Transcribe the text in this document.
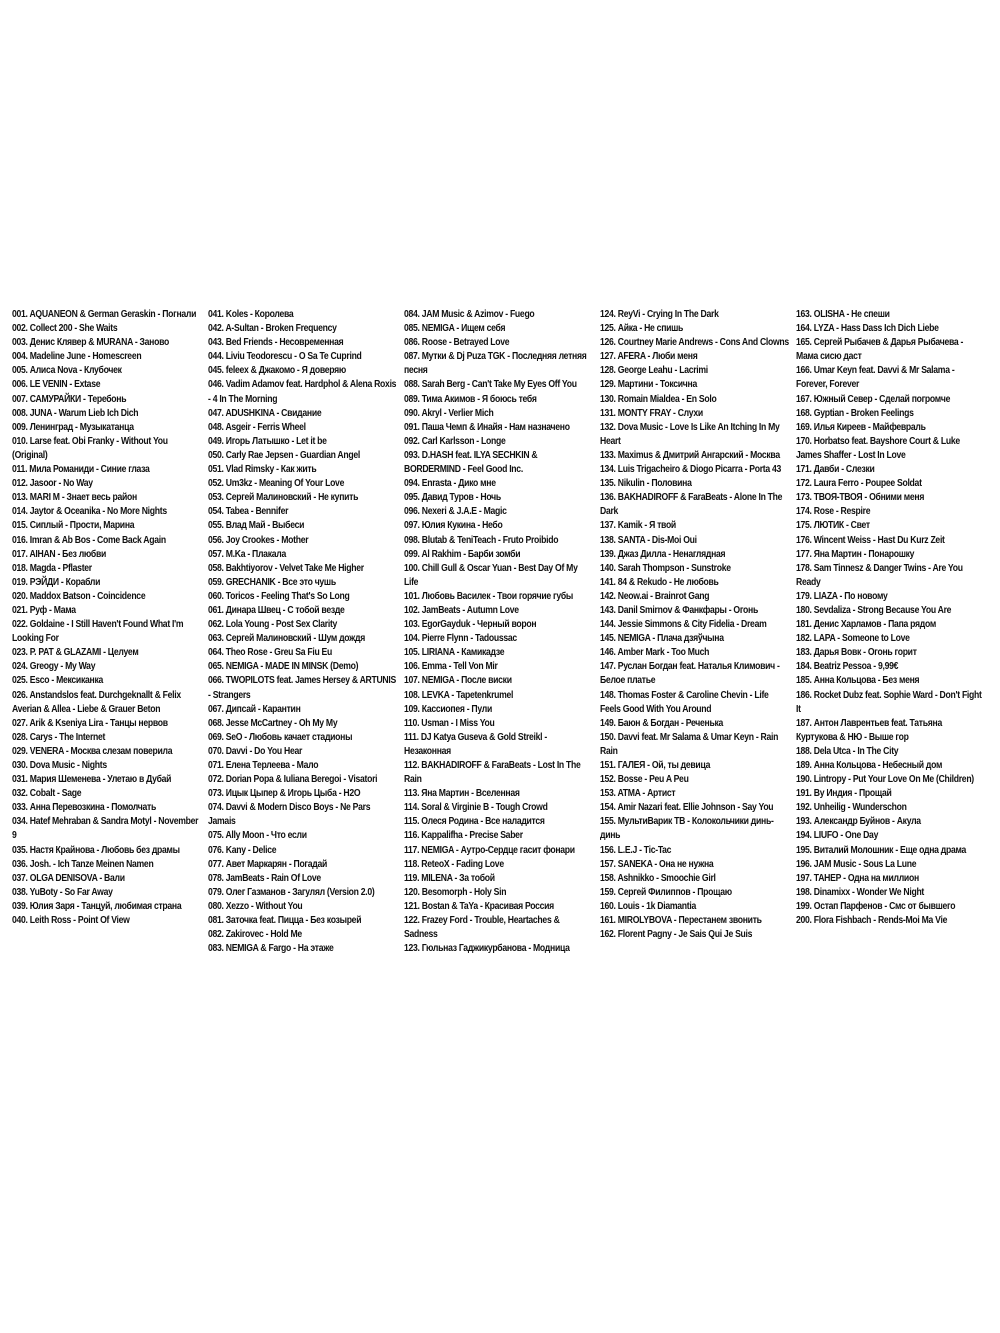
001. AQUANEON & German Geraskin - Погнали
002. Collect 200 - She Waits
003. Денис Клявер & MURANA - Заново
004. Madeline June - Homescreen
005. Алиса Nova - Клубочек
006. LE VENIN - Extase
007. САМУРАЙКИ - Теребонь
008. JUNA - Warum Lieb Ich Dich
009. Ленинград - Музыкатанца
010. Larse feat. Obi Franky - Without You (Original)
011. Мила Романиди - Синие глаза
012. Jasoor - No Way
013. MARI M - Знает весь район
014. Jaytor & Oceanika - No More Nights
015. Сиплый - Прости, Марина
016. Imran & Ab Bos - Come Back Again
017. AIHAN - Без любви
018. Magda - Pflaster
019. РЭЙДИ - Корабли
020. Maddox Batson - Coincidence
021. Руф - Мама
022. Goldaine - I Still Haven't Found What I'm Looking For
023. P. PAT & GLAZAMI - Целуем
024. Greogy - My Way
025. Esco - Мексиканка
026. Anstandslos feat. Durchgeknallt & Felix Averian & Allea - Liebe & Grauer Beton
027. Arik & Kseniya Lira - Танцы нервов
028. Carys - The Internet
029. VENERA - Москва слезам поверила
030. Dova Music - Nights
031. Мария Шеменева - Улетаю в Дубай
032. Cobalt - Sage
033. Анна Перевозкина - Помолчать
034. Hatef Mehraban & Sandra Motyl - November 9
035. Настя Крайнова - Любовь без драмы
036. Josh. - Ich Tanze Meinen Namen
037. OLGA DENISOVA - Вали
038. YuBoty - So Far Away
039. Юлия Заря - Танцуй, любимая страна
040. Leith Ross - Point Of View
041. Koles - Королева
042. A-Sultan - Broken Frequency
043. Bed Friends - Несовременная
044. Liviu Teodorescu - O Sa Te Cuprind
045. feleex & Джакомо - Я доверяю
046. Vadim Adamov feat. Hardphol & Alena Roxis - 4 In The Morning
047. ADUSHKINA - Свидание
048. Asgeir - Ferris Wheel
049. Игорь Латышко - Let it be
050. Carly Rae Jepsen - Guardian Angel
051. Vlad Rimsky - Как жить
052. Um3kz - Meaning Of Your Love
053. Сергей Малиновский - Не купить
054. Tabea - Bennifer
055. Влад Май - Выбеси
056. Joy Crookes - Mother
057. M.Ka - Плакала
058. Bakhtiyorov - Velvet Take Me Higher
059. GRECHANIK - Все это чушь
060. Toricos - Feeling That's So Long
061. Динара Швец - С тобой везде
062. Lola Young - Post Sex Clarity
063. Сергей Малиновский - Шум дождя
064. Theo Rose - Greu Sa Fiu Eu
065. NEMIGA - MADE IN MINSK (Demo)
066. TWOPILOTS feat. James Hersey & ARTUNIS - Strangers
067. Дипсай - Карантин
068. Jesse McCartney - Oh My My
069. SeO - Любовь качает стадионы
070. Davvi - Do You Hear
071. Елена Терлеева - Мало
072. Dorian Popa & Iuliana Beregoi - Visatori
073. Ицык Цыпер & Игорь Цыба - H2O
074. Davvi & Modern Disco Boys - Ne Pars Jamais
075. Ally Moon - Что если
076. Kany - Delice
077. Авет Маркарян - Погадай
078. JamBeats - Rain Of Love
079. Олег Газманов - Загулял (Version 2.0)
080. Xezzo - Without You
081. Заточка feat. Пицца - Без козырей
082. Zakirovec - Hold Me
083. NEMIGA & Fargo - На этаже
084. JAM Music & Azimov - Fuego
085. NEMIGA - Ищем себя
086. Roose - Betrayed Love
087. Мутки & Dj Puza TGK - Последняя летняя песня
088. Sarah Berg - Can't Take My Eyes Off You
089. Тима Акимов - Я боюсь тебя
090. Akryl - Verlier Mich
091. Паша Чемп & Инайя - Нам назначено
092. Carl Karlsson - Longe
093. D.HASH feat. ILYA SECHKIN & BORDERMIND - Feel Good Inc.
094. Enrasta - Дико мне
095. Давид Туров - Ночь
096. Nexeri & J.A.E - Magic
097. Юлия Кукина - Небо
098. Blutab & TeniTeach - Fruto Proibido
099. Al Rakhim - Барби зомби
100. Chill Gull & Oscar Yuan - Best Day Of My Life
101. Любовь Василек - Твои горячие губы
102. JamBeats - Autumn Love
103. EgorGayduk - Черный ворон
104. Pierre Flynn - Tadoussac
105. LIRIANA - Камикадзе
106. Emma - Tell Von Mir
107. NEMIGA - После виски
108. LEVKA - Tapetenkrumel
109. Кассиопея - Пули
110. Usman - I Miss You
111. DJ Katya Guseva & Gold Streikl - Незаконная
112. BAKHADIROFF & FaraBeats - Lost In The Rain
113. Яна Мартин - Вселенная
114. Soral & Virginie B - Tough Crowd
115. Олеся Родина - Все наладится
116. Kappalifha - Precise Saber
117. NEMIGA - Аутро-Сердце гасит фонари
118. ReteoX - Fading Love
119. MILENA - За тобой
120. Besomorph - Holy Sin
121. Bostan & TaYa - Красивая Россия
122. Frazey Ford - Trouble, Heartaches & Sadness
123. Гюльназ Гаджикурбанова - Модница
124. ReyVi - Crying In The Dark
125. Айка - Не спишь
126. Courtney Marie Andrews - Cons And Clowns
127. AFERA - Люби меня
128. George Leahu - Lacrimi
129. Мартини - Токсична
130. Romain Mialdea - En Solo
131. MONTY FRAY - Слухи
132. Dova Music - Love Is Like An Itching In My Heart
133. Maximus & Дмитрий Ангарский - Москва
134. Luis Trigacheiro & Diogo Picarra - Porta 43
135. Nikulin - Половина
136. BAKHADIROFF & FaraBeats - Alone In The Dark
137. Kamik - Я твой
138. SANTA - Dis-Moi Oui
139. Джаз Дилла - Ненаглядная
140. Sarah Thompson - Sunstroke
141. 84 & Rekudo - Не любовь
142. Neow.ai - Brainrot Gang
143. Danil Smirnov & Фанкфары - Огонь
144. Jessie Simmons & City Fidelia - Dream
145. NEMIGA - Плача дзяўчына
146. Amber Mark - Too Much
147. Руслан Богдан feat. Наталья Климович - Белое платье
148. Thomas Foster & Caroline Chevin - Life Feels Good With You Around
149. Баюн & Богдан - Реченька
150. Davvi feat. Mr Salama & Umar Keyn - Rain Rain
151. ГАЛЕЯ - Ой, ты девица
152. Bosse - Peu A Peu
153. ATMA - Артист
154. Amir Nazari feat. Ellie Johnson - Say You
155. МультиВарик ТВ - Колокольчики динь-динь
156. L.E.J - Tic-Tac
157. SANEKA - Она не нужна
158. Ashnikko - Smoochie Girl
159. Сергей Филиппов - Прощаю
160. Louis - 1k Diamantia
161. MIROLYBOVA - Перестанем звонить
162. Florent Pagny - Je Sais Qui Je Suis
163. OLISHA - Не спеши
164. LYZA - Hass Dass Ich Dich Liebe
165. Сергей Рыбачев & Дарья Рыбачева - Мама сисю даст
166. Umar Keyn feat. Davvi & Mr Salama - Forever, Forever
167. Южный Север - Сделай погромче
168. Gyptian - Broken Feelings
169. Илья Киреев - Майфевраль
170. Horbatso feat. Bayshore Court & Luke James Shaffer - Lost In Love
171. Давби - Слезки
172. Laura Ferro - Poupee Soldat
173. ТВОЯ-ТВОЯ - Обними меня
174. Rose - Respire
175. ЛЮТИК - Свет
176. Wincent Weiss - Hast Du Kurz Zeit
177. Яна Мартин - Понарошку
178. Sam Tinnesz & Danger Twins - Are You Ready
179. LIAZA - По новому
180. Sevdaliza - Strong Because You Are
181. Денис Харламов - Папа рядом
182. LAPA - Someone to Love
183. Дарья Вовк - Огонь горит
184. Beatriz Pessoa - 9,99€
185. Анна Кольцова - Без меня
186. Rocket Dubz feat. Sophie Ward - Don't Fight It
187. Антон Лаврентьев feat. Татьяна Куртукова & НЮ - Выше гор
188. Dela Utca - In The City
189. Анна Кольцова - Небесный дом
190. Lintropy - Put Your Love On Me (Children)
191. Ву Индия - Прощай
192. Unheilig - Wunderschon
193. Александр Буйнов - Акула
194. LIUFO - One Day
195. Виталий Молошник - Еще одна драма
196. JAM Music - Sous La Lune
197. ТАНЕР - Одна на миллион
198. Dinamixx - Wonder We Night
199. Остап Парфенов - Смс от бывшего
200. Flora Fishbach - Rends-Moi Ma Vie
